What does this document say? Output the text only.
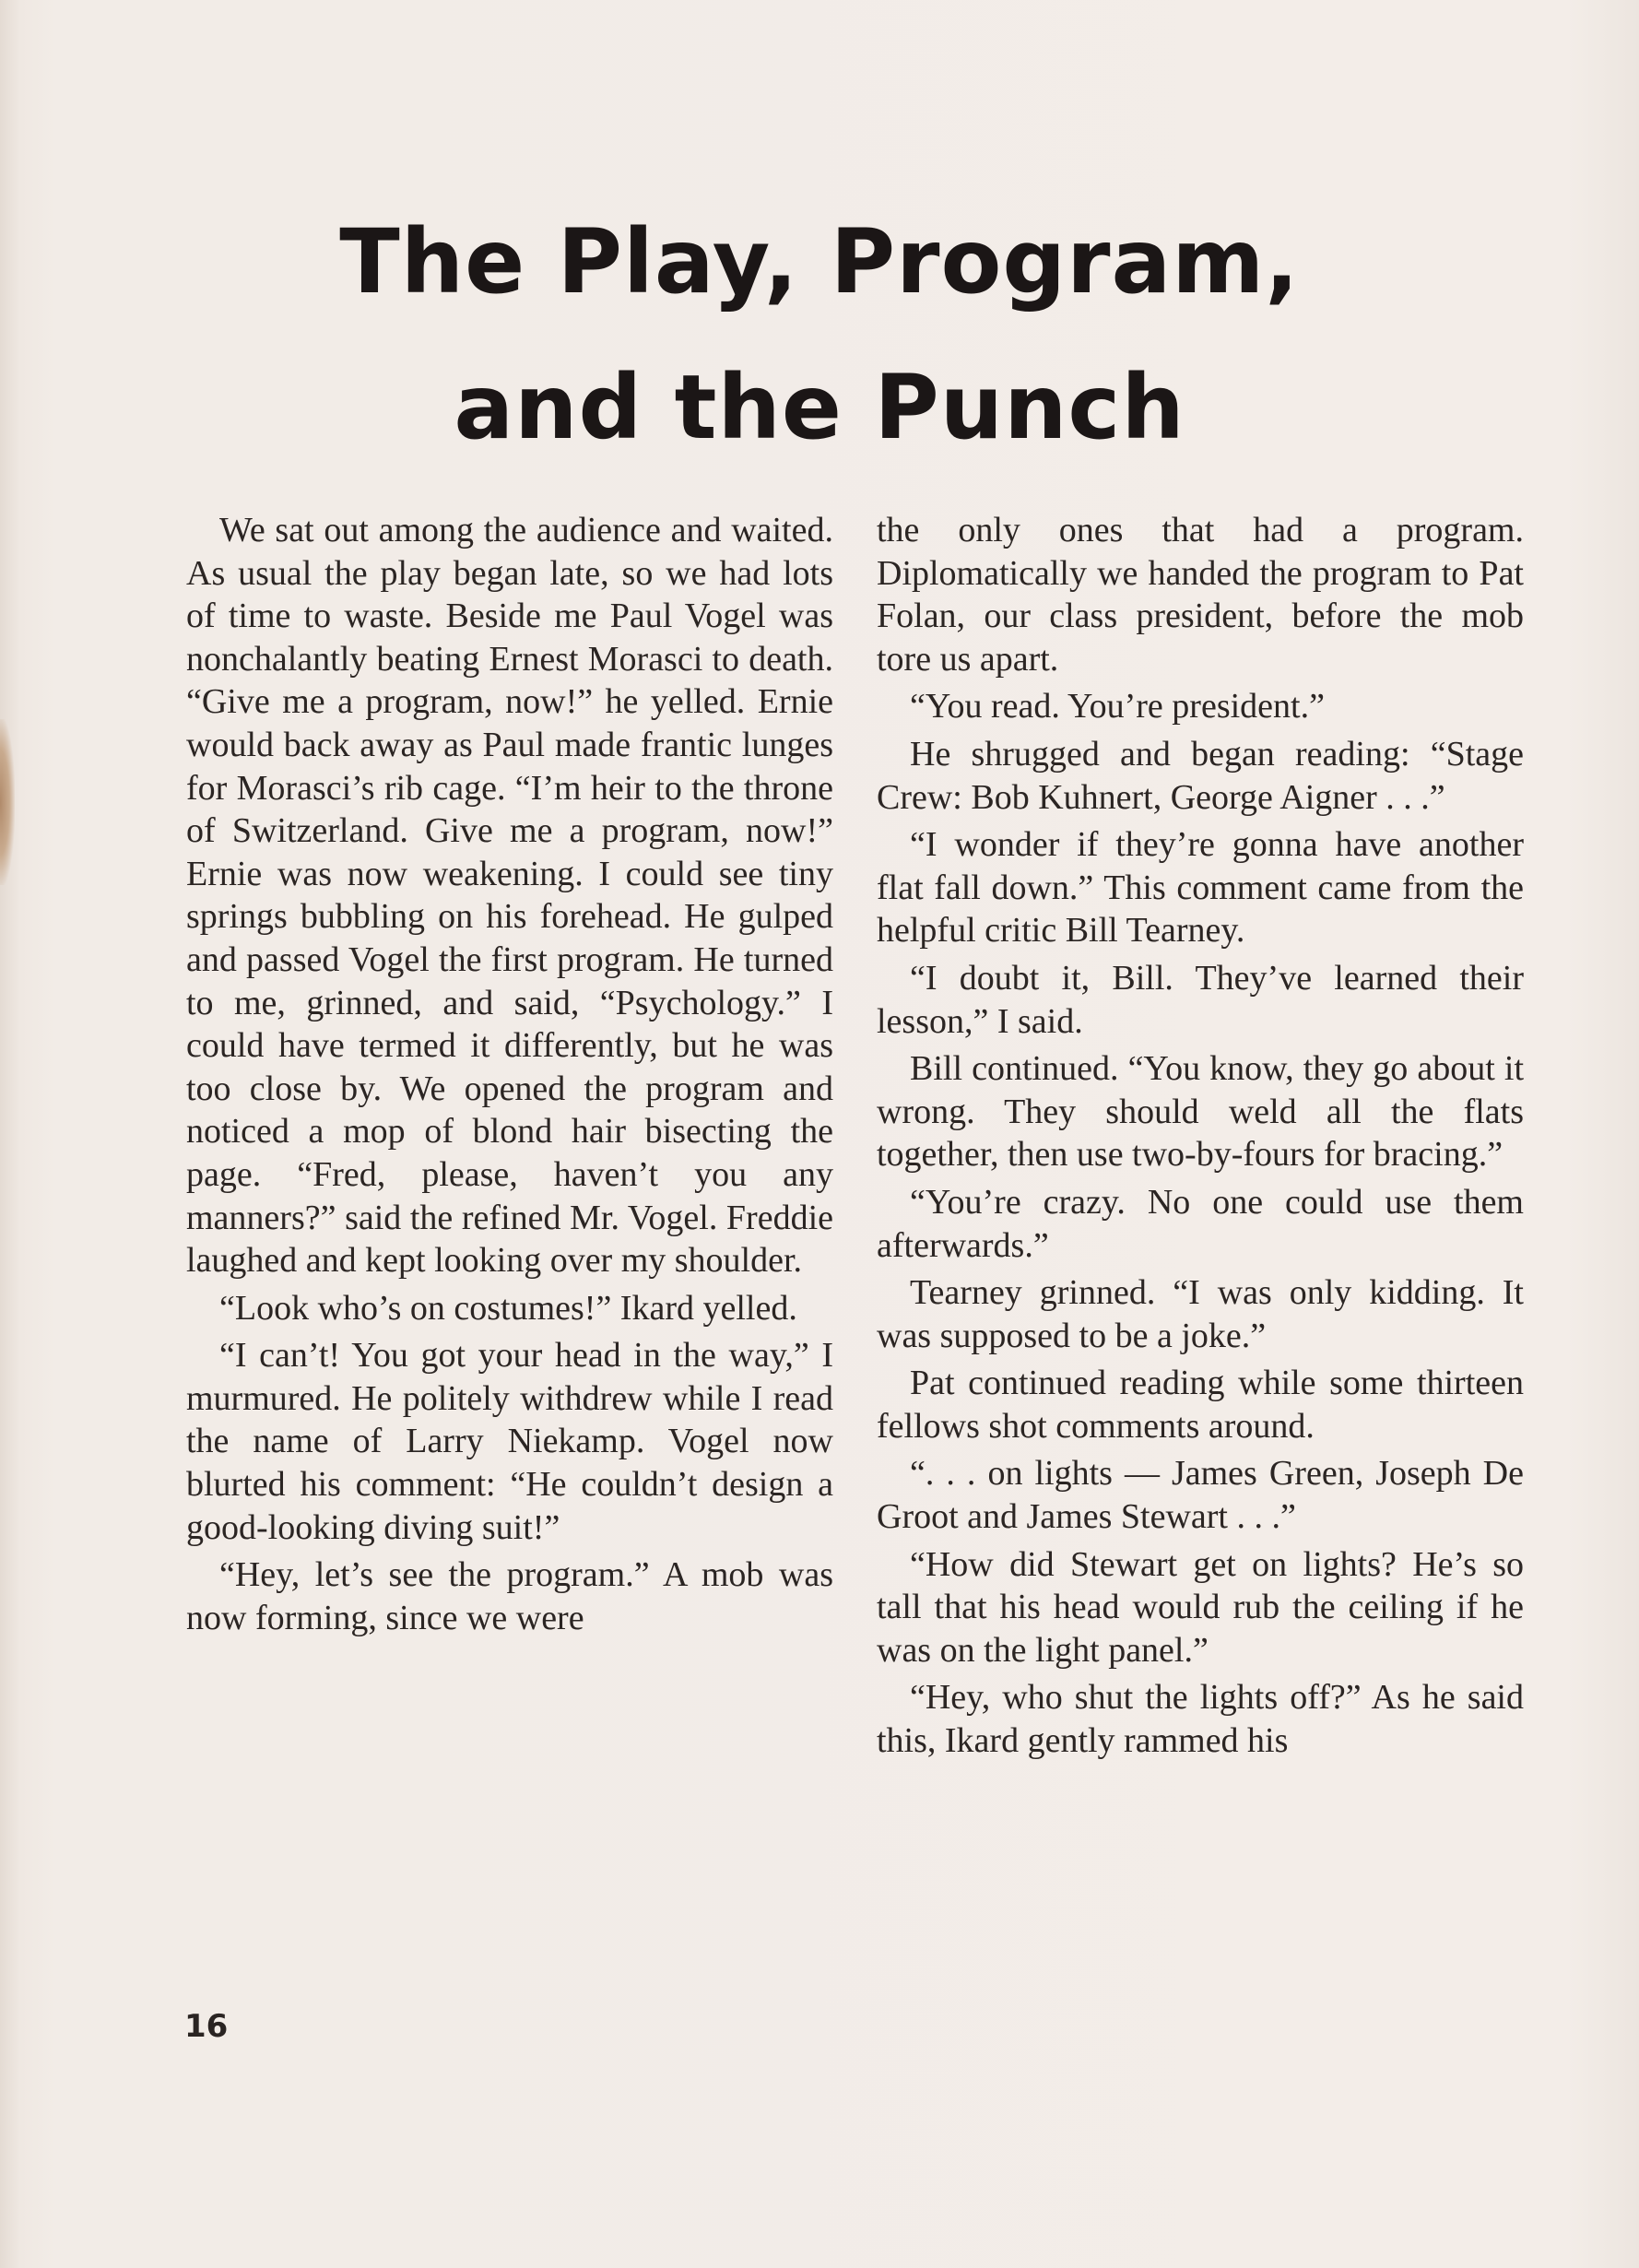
The Play, Program,
and the Punch

We sat out among the audience and waited. As usual the play began late, so we had lots of time to waste. Beside me Paul Vogel was nonchalantly beating Ernest Morasci to death. “Give me a program, now!” he yelled. Ernie would back away as Paul made frantic lunges for Morasci’s rib cage. “I’m heir to the throne of Switzerland. Give me a program, now!” Ernie was now weakening. I could see tiny springs bubbling on his forehead. He gulped and passed Vogel the first program. He turned to me, grinned, and said, “Psychology.” I could have termed it differently, but he was too close by. We opened the program and noticed a mop of blond hair bisecting the page. “Fred, please, haven’t you any manners?” said the refined Mr. Vogel. Freddie laughed and kept looking over my shoulder.

“Look who’s on costumes!” Ikard yelled.

“I can’t! You got your head in the way,” I murmured. He politely withdrew while I read the name of Larry Niekamp. Vogel now blurted his comment: “He couldn’t design a good-looking diving suit!”

“Hey, let’s see the program.” A mob was now forming, since we were

the only ones that had a program. Diplomatically we handed the program to Pat Folan, our class president, before the mob tore us apart.

“You read. You’re president.”

He shrugged and began reading: “Stage Crew: Bob Kuhnert, George Aigner . . .”

“I wonder if they’re gonna have another flat fall down.” This comment came from the helpful critic Bill Tearney.

“I doubt it, Bill. They’ve learned their lesson,” I said.

Bill continued. “You know, they go about it wrong. They should weld all the flats together, then use two-by-fours for bracing.”

“You’re crazy. No one could use them afterwards.”

Tearney grinned. “I was only kidding. It was supposed to be a joke.”

Pat continued reading while some thirteen fellows shot comments around.

“. . . on lights — James Green, Joseph De Groot and James Stewart . . .”

“How did Stewart get on lights? He’s so tall that his head would rub the ceiling if he was on the light panel.”

“Hey, who shut the lights off?” As he said this, Ikard gently rammed his

16
